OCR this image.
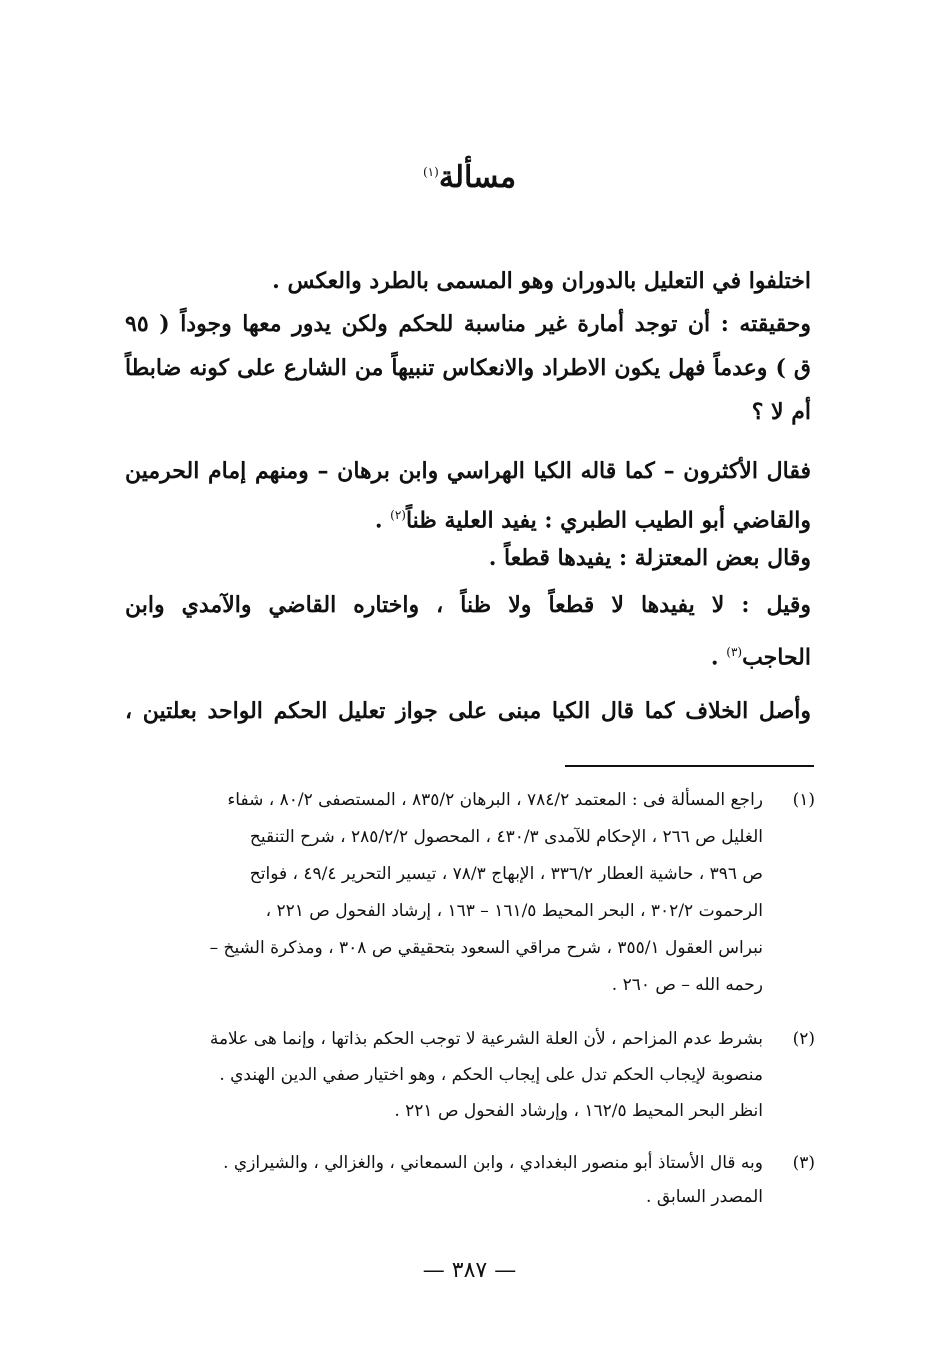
مسألة$^{(١)}$
اختلفوا في التعليل بالدوران وهو المسمى بالطرد والعكس .
وحقيقته : أن توجد أمارة غير مناسبة للحكم ولكن يدور معها وجوداً ( ٩٥
ق ) وعدماً فهل يكون الاطراد والانعكاس تنبيهاً من الشارع على كونه ضابطاً
أم لا ؟
فقال الأكثرون – كما قاله الكيا الهراسي وابن برهان – ومنهم إمام الحرمين
والقاضي أبو الطيب الطبري : يفيد العلية ظناً$^{(٢)}$ .
وقال بعض المعتزلة : يفيدها قطعاً .
وقيل : لا يفيدها لا قطعاً ولا ظناً ، واختاره القاضي والآمدي وابن
الحاجب$^{(٣)}$ .
وأصل الخلاف كما قال الكيا مبنى على جواز تعليل الحكم الواحد بعلتين ،
(١)
راجع المسألة فى : المعتمد ٧٨٤/٢ ، البرهان ٨٣٥/٢ ، المستصفى ٨٠/٢ ، شفاء
الغليل ص ٢٦٦ ، الإحكام للآمدى ٤٣٠/٣ ، المحصول ٢٨٥/٢/٢ ، شرح التنقيح
ص ٣٩٦ ، حاشية العطار ٣٣٦/٢ ، الإبهاج ٧٨/٣ ، تيسير التحرير ٤٩/٤ ، فواتح
الرحموت ٣٠٢/٢ ، البحر المحيط ١٦١/٥ – ١٦٣ ، إرشاد الفحول ص ٢٢١ ،
نبراس العقول ٣٥٥/١ ، شرح مراقي السعود بتحقيقي ص ٣٠٨ ، ومذكرة الشيخ –
رحمه الله – ص ٢٦٠ .
(٢)
بشرط عدم المزاحم ، لأن العلة الشرعية لا توجب الحكم بذاتها ، وإنما هى علامة
منصوبة لإيجاب الحكم تدل على إيجاب الحكم ، وهو اختيار صفي الدين الهندي .
انظر البحر المحيط ١٦٢/٥ ، وإرشاد الفحول ص ٢٢١ .
(٣)
وبه قال الأستاذ أبو منصور البغدادي ، وابن السمعاني ، والغزالي ، والشيرازي .
المصدر السابق .
— ٣٨٧ —
